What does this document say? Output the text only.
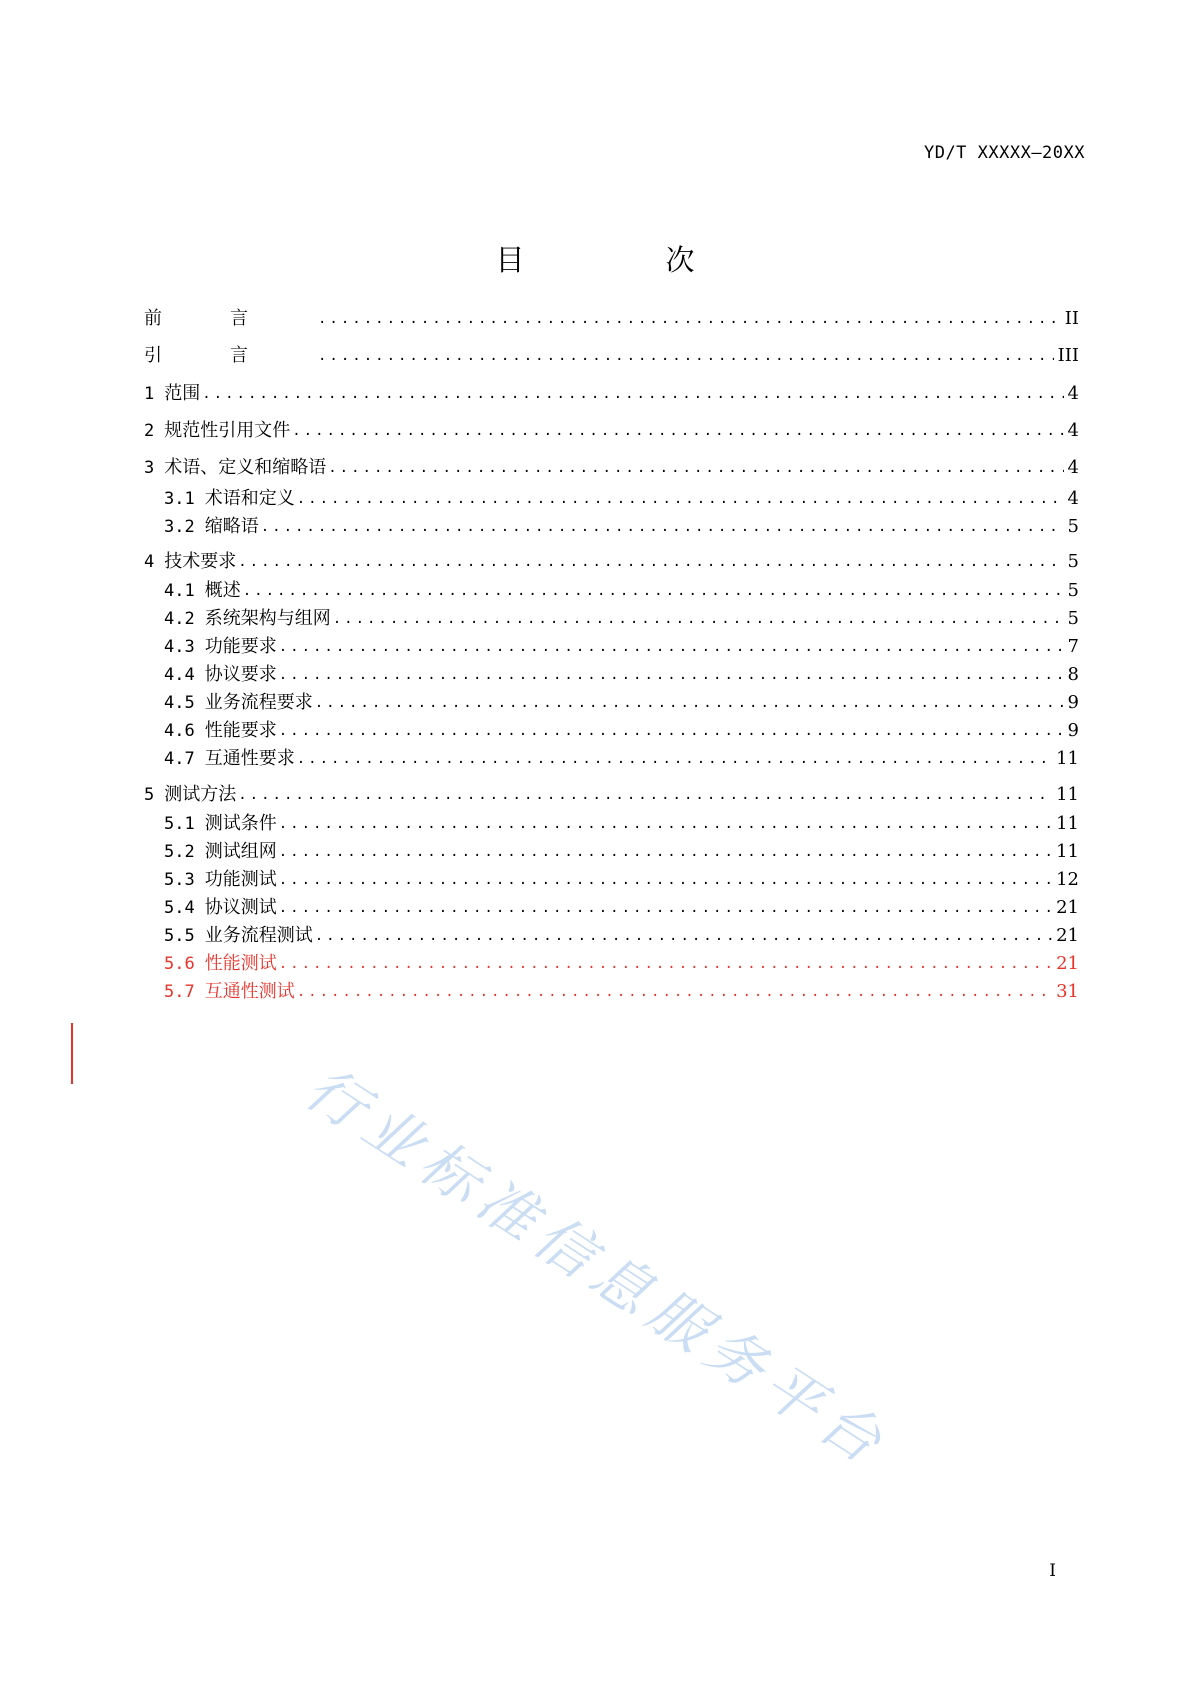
YD/T XXXXX—20XX
目　次
前言 .....	II
引言 .....	III
1 范围 .....	4
2 规范性引用文件 .....	4
3 术语、定义和缩略语 .....	4
3.1 术语和定义 .....	4
3.2 缩略语 .....	5
4 技术要求 .....	5
4.1 概述 .....	5
4.2 系统架构与组网 .....	5
4.3 功能要求 .....	7
4.4 协议要求 .....	8
4.5 业务流程要求 .....	9
4.6 性能要求 .....	9
4.7 互通性要求 .....	11
5 测试方法 .....	11
5.1 测试条件 .....	11
5.2 测试组网 .....	11
5.3 功能测试 .....	12
5.4 协议测试 .....	21
5.5 业务流程测试 .....	21
5.6 性能测试 .....	21
5.7 互通性测试 .....	31
行业标准信息服务平台
I
